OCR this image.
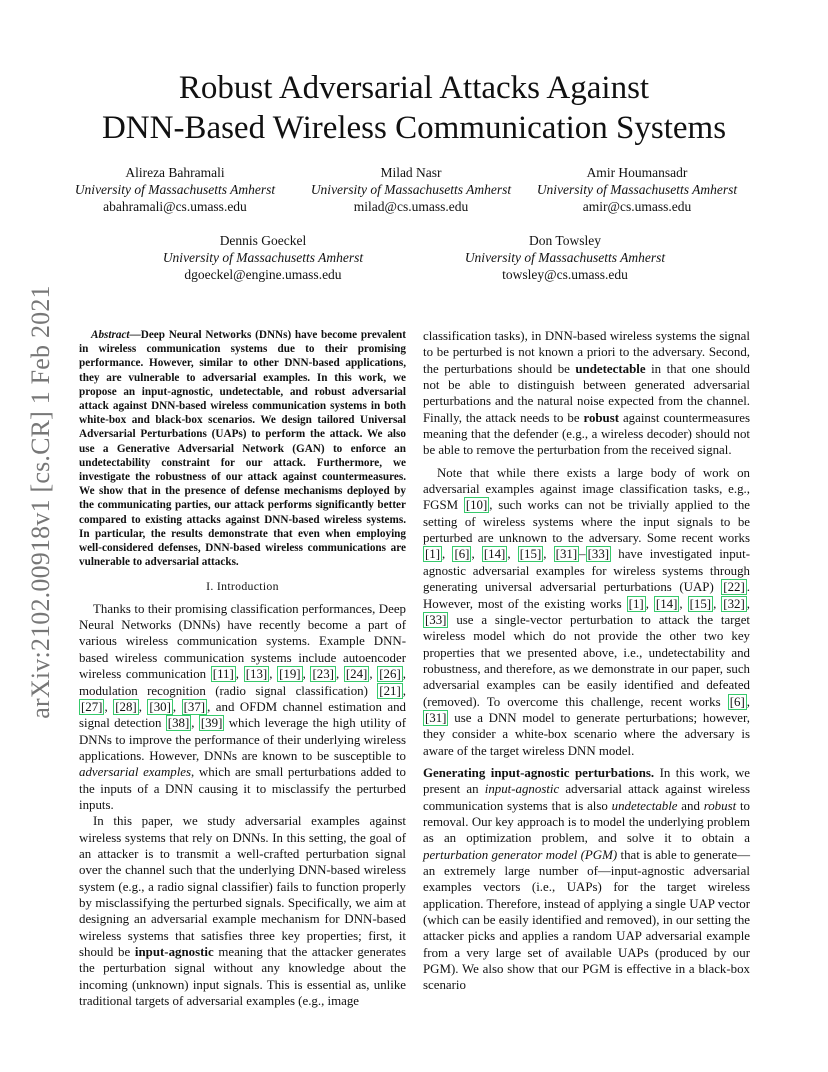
arXiv:2102.00918v1 [cs.CR] 1 Feb 2021
Robust Adversarial Attacks Against
DNN-Based Wireless Communication Systems
Alireza Bahramali
University of Massachusetts Amherst
abahramali@cs.umass.edu
Milad Nasr
University of Massachusetts Amherst
milad@cs.umass.edu
Amir Houmansadr
University of Massachusetts Amherst
amir@cs.umass.edu
Dennis Goeckel
University of Massachusetts Amherst
dgoeckel@engine.umass.edu
Don Towsley
University of Massachusetts Amherst
towsley@cs.umass.edu

Abstract—Deep Neural Networks (DNNs) have become prevalent in wireless communication systems due to their promising performance. However, similar to other DNN-based applications, they are vulnerable to adversarial examples. In this work, we propose an input-agnostic, undetectable, and robust adversarial attack against DNN-based wireless communication systems in both white-box and black-box scenarios. We design tailored Universal Adversarial Perturbations (UAPs) to perform the attack. We also use a Generative Adversarial Network (GAN) to enforce an undetectability constraint for our attack. Furthermore, we investigate the robustness of our attack against countermeasures. We show that in the presence of defense mechanisms deployed by the communicating parties, our attack performs significantly better compared to existing attacks against DNN-based wireless systems. In particular, the results demonstrate that even when employing well-considered defenses, DNN-based wireless communications are vulnerable to adversarial attacks.

I. Introduction

Thanks to their promising classification performances, Deep Neural Networks (DNNs) have recently become a part of various wireless communication systems. Example DNN-based wireless communication systems include autoencoder wireless communication [11] , [13] , [19] , [23] , [24] , [26] , modulation recognition (radio signal classification) [21] , [27] , [28] , [30] , [37] , and OFDM channel estimation and signal detection [38] , [39] which leverage the high utility of DNNs to improve the performance of their underlying wireless applications. However, DNNs are known to be susceptible to adversarial examples, which are small perturbations added to the inputs of a DNN causing it to misclassify the perturbed inputs.

In this paper, we study adversarial examples against wireless systems that rely on DNNs. In this setting, the goal of an attacker is to transmit a well-crafted perturbation signal over the channel such that the underlying DNN-based wireless system (e.g., a radio signal classifier) fails to function properly by misclassifying the perturbed signals. Specifically, we aim at designing an adversarial example mechanism for DNN-based wireless systems that satisfies three key properties; first, it should be input-agnostic meaning that the attacker generates the perturbation signal without any knowledge about the incoming (unknown) input signals. This is essential as, unlike traditional targets of adversarial examples (e.g., image

classification tasks), in DNN-based wireless systems the signal to be perturbed is not known a priori to the adversary. Second, the perturbations should be undetectable in that one should not be able to distinguish between generated adversarial perturbations and the natural noise expected from the channel. Finally, the attack needs to be robust against countermeasures meaning that the defender (e.g., a wireless decoder) should not be able to remove the perturbation from the received signal.

Note that while there exists a large body of work on adversarial examples against image classification tasks, e.g., FGSM [10] , such works can not be trivially applied to the setting of wireless systems where the input signals to be perturbed are unknown to the adversary. Some recent works [1] , [6] , [14] , [15] , [31] – [33] have investigated input-agnostic adversarial examples for wireless systems through generating universal adversarial perturbations (UAP) [22] . However, most of the existing works [1] , [14] , [15] , [32] , [33] use a single-vector perturbation to attack the target wireless model which do not provide the other two key properties that we presented above, i.e., undetectability and robustness, and therefore, as we demonstrate in our paper, such adversarial examples can be easily identified and defeated (removed). To overcome this challenge, recent works [6] , [31] use a DNN model to generate perturbations; however, they consider a white-box scenario where the adversary is aware of the target wireless DNN model.

Generating input-agnostic perturbations. In this work, we present an input-agnostic adversarial attack against wireless communication systems that is also undetectable and robust to removal. Our key approach is to model the underlying problem as an optimization problem, and solve it to obtain a perturbation generator model (PGM) that is able to generate—an extremely large number of—input-agnostic adversarial examples vectors (i.e., UAPs) for the target wireless application. Therefore, instead of applying a single UAP vector (which can be easily identified and removed), in our setting the attacker picks and applies a random UAP adversarial example from a very large set of available UAPs (produced by our PGM). We also show that our PGM is effective in a black-box scenario
